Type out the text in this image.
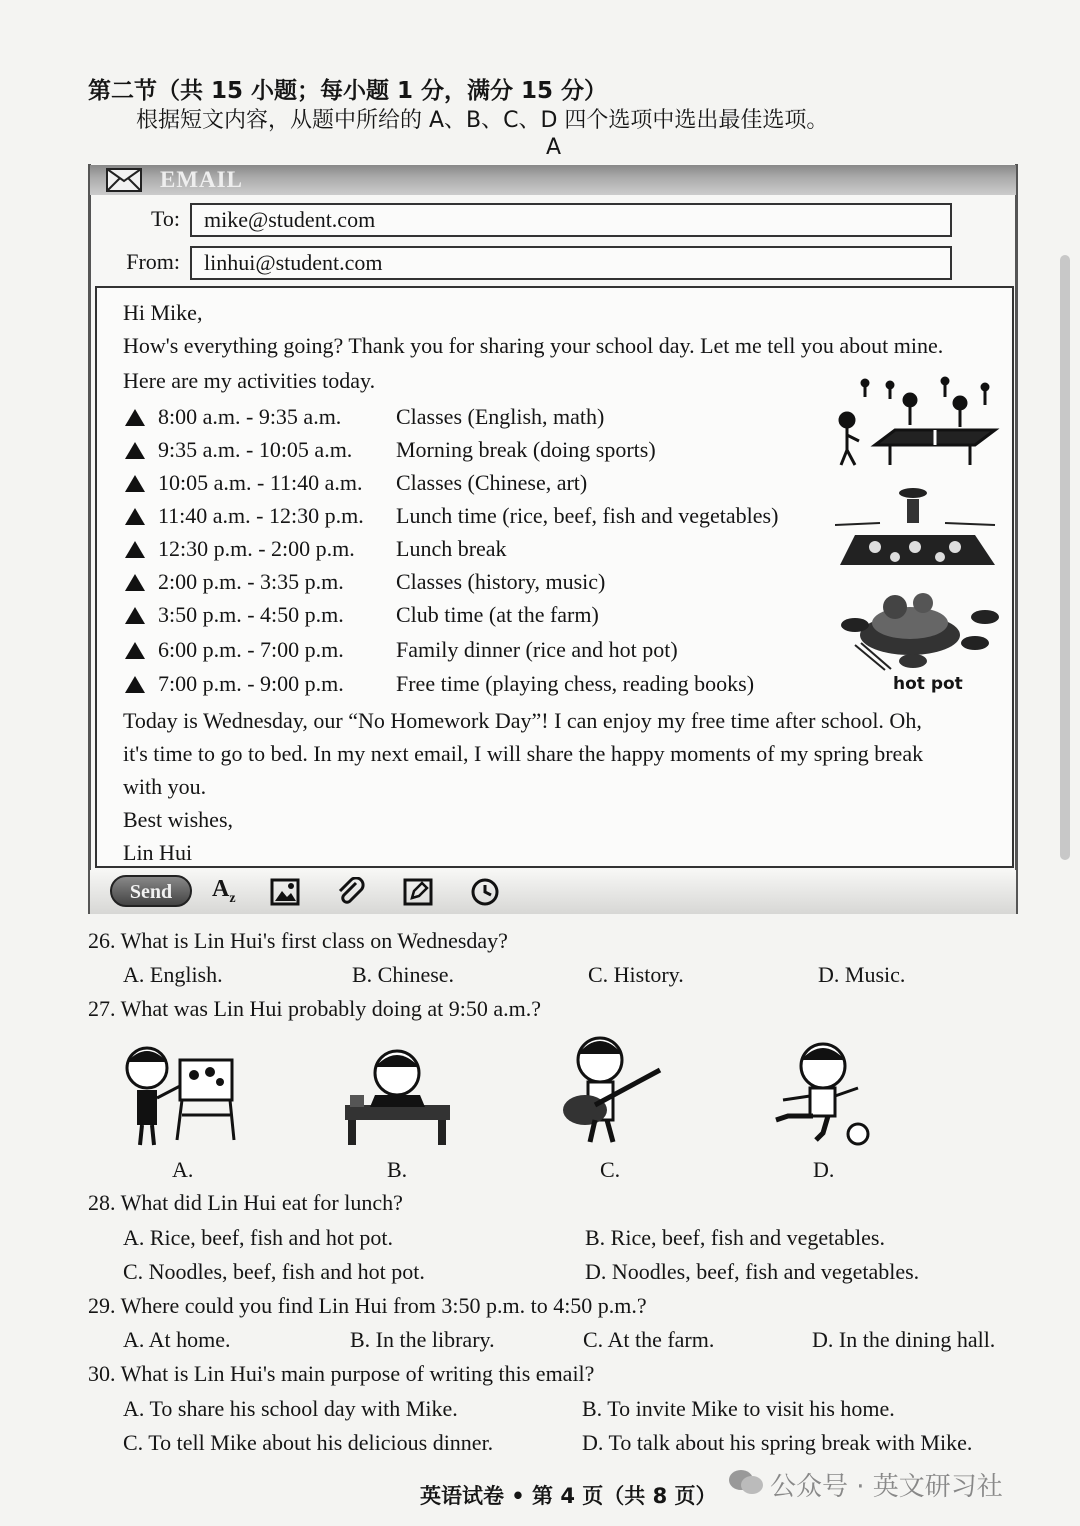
第二节（共 15 小题；每小题 1 分，满分 15 分）
根据短文内容，从题中所给的 A、B、C、D 四个选项中选出最佳选项。
A
EMAIL
To:	mike@student.com
From:	linhui@student.com
Hi Mike,
How's everything going? Thank you for sharing your school day. Let me tell you about mine.
Here are my activities today.
8:00 a.m. - 9:35 a.m. Classes (English, math)
9:35 a.m. - 10:05 a.m. Morning break (doing sports)
10:05 a.m. - 11:40 a.m. Classes (Chinese, art)
11:40 a.m. - 12:30 p.m. Lunch time (rice, beef, fish and vegetables)
12:30 p.m. - 2:00 p.m. Lunch break
2:00 p.m. - 3:35 p.m. Classes (history, music)
3:50 p.m. - 4:50 p.m. Club time (at the farm)
6:00 p.m. - 7:00 p.m. Family dinner (rice and hot pot)
7:00 p.m. - 9:00 p.m. Free time (playing chess, reading books)	hot pot
Today is Wednesday, our “No Homework Day”! I can enjoy my free time after school. Oh,
it's time to go to bed. In my next email, I will share the happy moments of my spring break
with you.
Best wishes,
Lin Hui
Send	$A_z$
26. What is Lin Hui's first class on Wednesday?
A. English.	B. Chinese.	C. History.	D. Music.
27. What was Lin Hui probably doing at 9:50 a.m.?
A.	B.	C.	D.
28. What did Lin Hui eat for lunch?
A. Rice, beef, fish and hot pot.	B. Rice, beef, fish and vegetables.
C. Noodles, beef, fish and hot pot.	D. Noodles, beef, fish and vegetables.
29. Where could you find Lin Hui from 3:50 p.m. to 4:50 p.m.?
A. At home.	B. In the library.	C. At the farm.	D. In the dining hall.
30. What is Lin Hui's main purpose of writing this email?
A. To share his school day with Mike.	B. To invite Mike to visit his home.
C. To tell Mike about his delicious dinner.	D. To talk about his spring break with Mike.
英语试卷 • 第 4 页（共 8 页） 公众号 · 英文研习社
